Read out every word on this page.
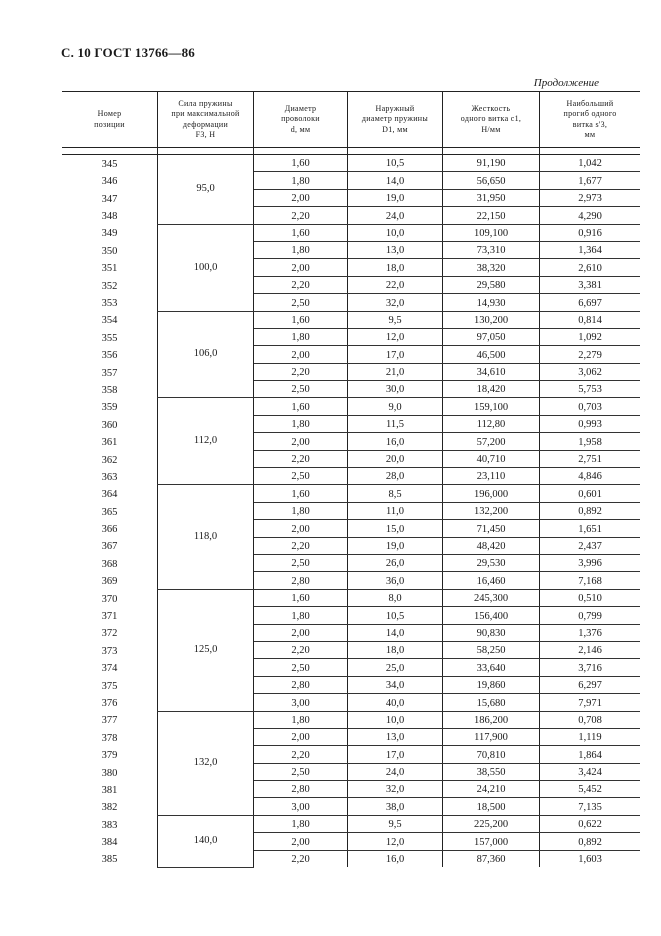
С. 10 ГОСТ 13766—86
Продолжение
Номер
позиции	Сила пружины
при максимальной
деформации
F3, Н	Диаметр
проволоки
d, мм	Наружный
диаметр пружины
D1, мм	Жесткость
одного витка c1,
Н/мм	Наибольший
прогиб одного
витка s'3,
мм

345	95,0	1,60	10,5	91,190	1,042
346		1,80	14,0	56,650	1,677
347		2,00	19,0	31,950	2,973
348		2,20	24,0	22,150	4,290
349	100,0	1,60	10,0	109,100	0,916
350		1,80	13,0	73,310	1,364
351		2,00	18,0	38,320	2,610
352		2,20	22,0	29,580	3,381
353		2,50	32,0	14,930	6,697
354	106,0	1,60	9,5	130,200	0,814
355		1,80	12,0	97,050	1,092
356		2,00	17,0	46,500	2,279
357		2,20	21,0	34,610	3,062
358		2,50	30,0	18,420	5,753
359	112,0	1,60	9,0	159,100	0,703
360		1,80	11,5	112,80	0,993
361		2,00	16,0	57,200	1,958
362		2,20	20,0	40,710	2,751
363		2,50	28,0	23,110	4,846
364	118,0	1,60	8,5	196,000	0,601
365		1,80	11,0	132,200	0,892
366		2,00	15,0	71,450	1,651
367		2,20	19,0	48,420	2,437
368		2,50	26,0	29,530	3,996
369		2,80	36,0	16,460	7,168
370	125,0	1,60	8,0	245,300	0,510
371		1,80	10,5	156,400	0,799
372		2,00	14,0	90,830	1,376
373		2,20	18,0	58,250	2,146
374		2,50	25,0	33,640	3,716
375		2,80	34,0	19,860	6,297
376		3,00	40,0	15,680	7,971
377	132,0	1,80	10,0	186,200	0,708
378		2,00	13,0	117,900	1,119
379		2,20	17,0	70,810	1,864
380		2,50	24,0	38,550	3,424
381		2,80	32,0	24,210	5,452
382		3,00	38,0	18,500	7,135
383	140,0	1,80	9,5	225,200	0,622
384		2,00	12,0	157,000	0,892
385		2,20	16,0	87,360	1,603
